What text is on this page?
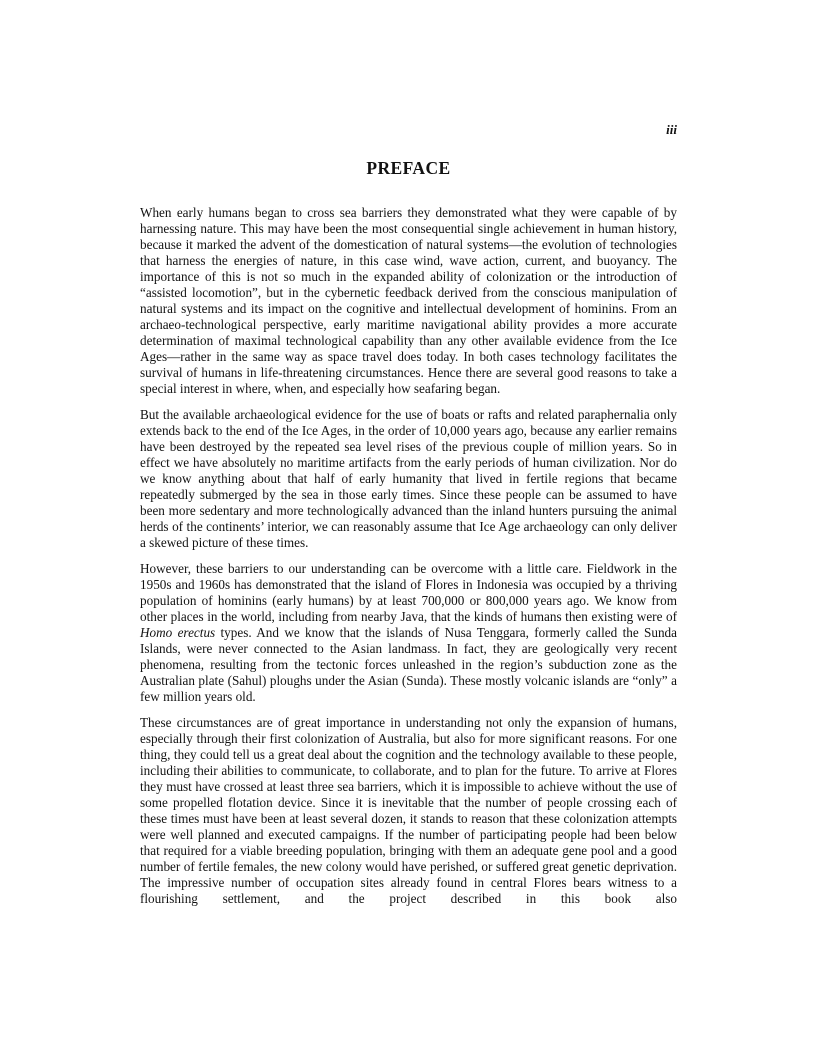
iii
PREFACE

When early humans began to cross sea barriers they demonstrated what they were capable of by harnessing nature. This may have been the most consequential single achievement in human history, because it marked the advent of the domestication of natural systems—the evolution of technologies that harness the energies of nature, in this case wind, wave action, current, and buoyancy. The importance of this is not so much in the expanded ability of colonization or the introduction of “assisted locomotion”, but in the cybernetic feedback derived from the conscious manipulation of natural systems and its impact on the cognitive and intellectual development of hominins. From an archaeo-technological perspective, early maritime navigational ability provides a more accurate determination of maximal technological capability than any other available evidence from the Ice Ages—rather in the same way as space travel does today. In both cases technology facilitates the survival of humans in life-threatening circumstances. Hence there are several good reasons to take a special interest in where, when, and especially how seafaring began.

But the available archaeological evidence for the use of boats or rafts and related paraphernalia only extends back to the end of the Ice Ages, in the order of 10,000 years ago, because any earlier remains have been destroyed by the repeated sea level rises of the previous couple of million years. So in effect we have absolutely no maritime artifacts from the early periods of human civilization. Nor do we know anything about that half of early humanity that lived in fertile regions that became repeatedly submerged by the sea in those early times. Since these people can be assumed to have been more sedentary and more technologically advanced than the inland hunters pursuing the animal herds of the continents’ interior, we can reasonably assume that Ice Age archaeology can only deliver a skewed picture of these times.

However, these barriers to our understanding can be overcome with a little care. Fieldwork in the 1950s and 1960s has demonstrated that the island of Flores in Indonesia was occupied by a thriving population of hominins (early humans) by at least 700,000 or 800,000 years ago. We know from other places in the world, including from nearby Java, that the kinds of humans then existing were of Homo erectus types. And we know that the islands of Nusa Tenggara, formerly called the Sunda Islands, were never connected to the Asian landmass. In fact, they are geologically very recent phenomena, resulting from the tectonic forces unleashed in the region’s subduction zone as the Australian plate (Sahul) ploughs under the Asian (Sunda). These mostly volcanic islands are “only” a few million years old.

These circumstances are of great importance in understanding not only the expansion of humans, especially through their first colonization of Australia, but also for more significant reasons. For one thing, they could tell us a great deal about the cognition and the technology available to these people, including their abilities to communicate, to collaborate, and to plan for the future. To arrive at Flores they must have crossed at least three sea barriers, which it is impossible to achieve without the use of some propelled flotation device. Since it is inevitable that the number of people crossing each of these times must have been at least several dozen, it stands to reason that these colonization attempts were well planned and executed campaigns. If the number of participating people had been below that required for a viable breeding population, bringing with them an adequate gene pool and a good number of fertile females, the new colony would have perished, or suffered great genetic deprivation. The impressive number of occupation sites already found in central Flores bears witness to a flourishing settlement, and the project described in this book also
